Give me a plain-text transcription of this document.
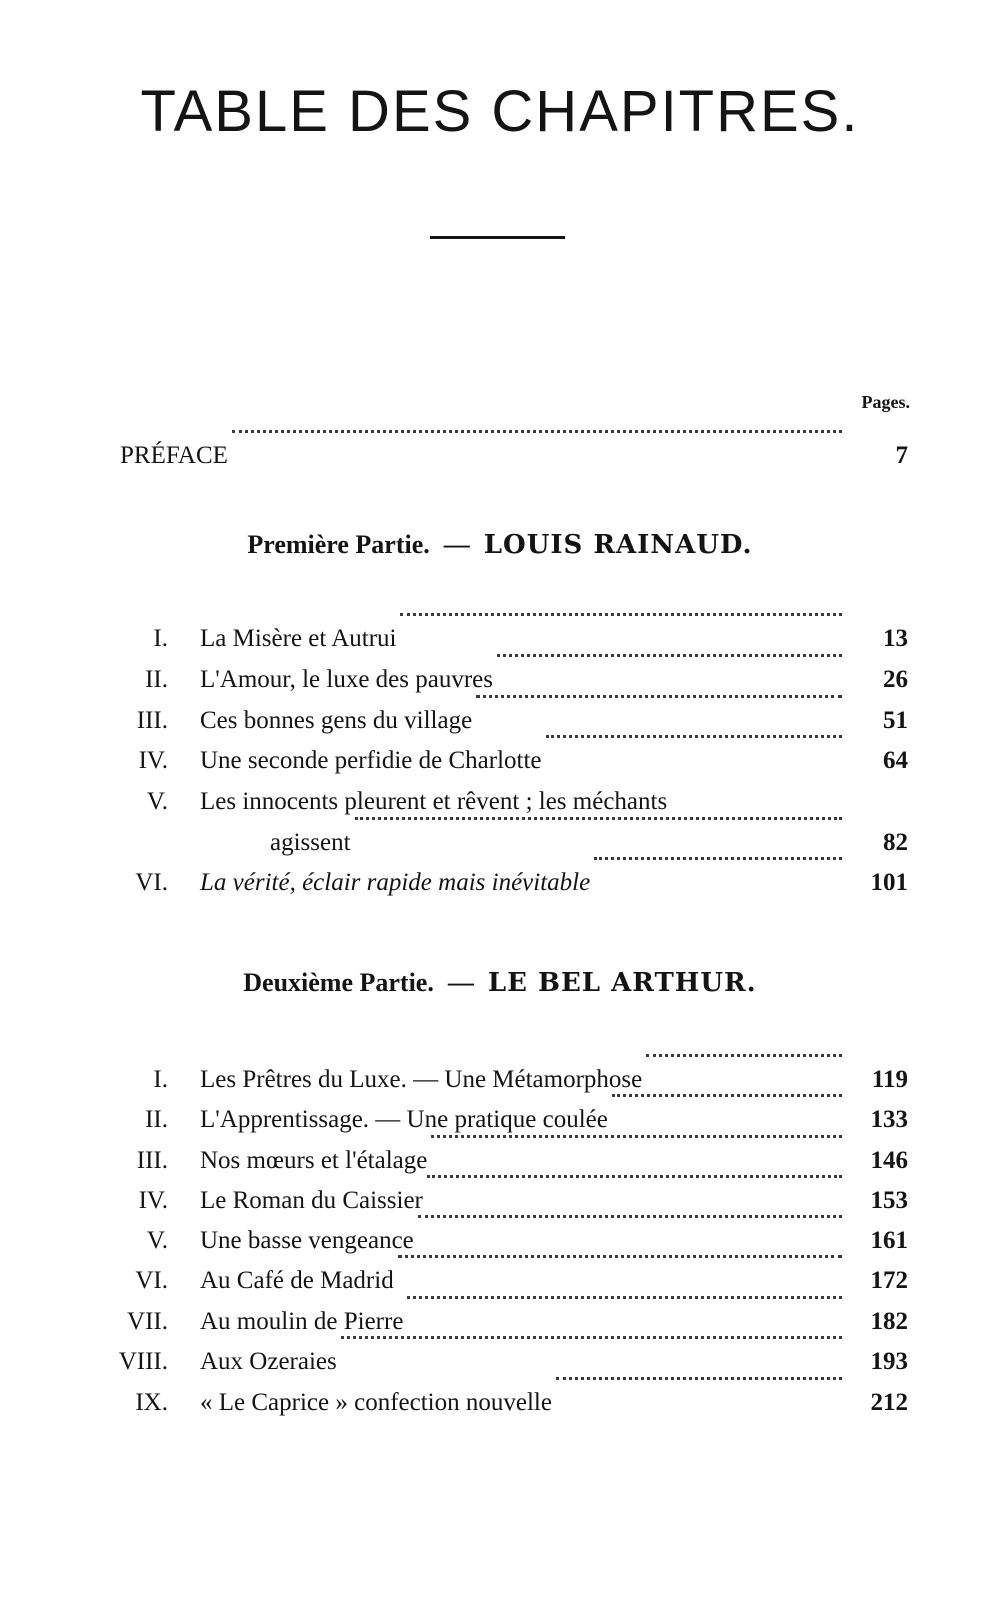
TABLE DES CHAPITRES.
Pages.
PRÉFACE	7
Première Partie. — LOUIS RAINAUD.
I. La Misère et Autrui	13
II. L'Amour, le luxe des pauvres	26
III. Ces bonnes gens du village	51
IV. Une seconde perfidie de Charlotte	64
V. Les innocents pleurent et rêvent ; les méchants
agissent	82
VI. La vérité, éclair rapide mais inévitable	101
Deuxième Partie. — LE BEL ARTHUR.
I. Les Prêtres du Luxe. — Une Métamorphose	119
II. L'Apprentissage. — Une pratique coulée	133
III. Nos mœurs et l'étalage	146
IV. Le Roman du Caissier	153
V. Une basse vengeance	161
VI. Au Café de Madrid	172
VII. Au moulin de Pierre	182
VIII. Aux Ozeraies	193
IX. « Le Caprice » confection nouvelle	212
